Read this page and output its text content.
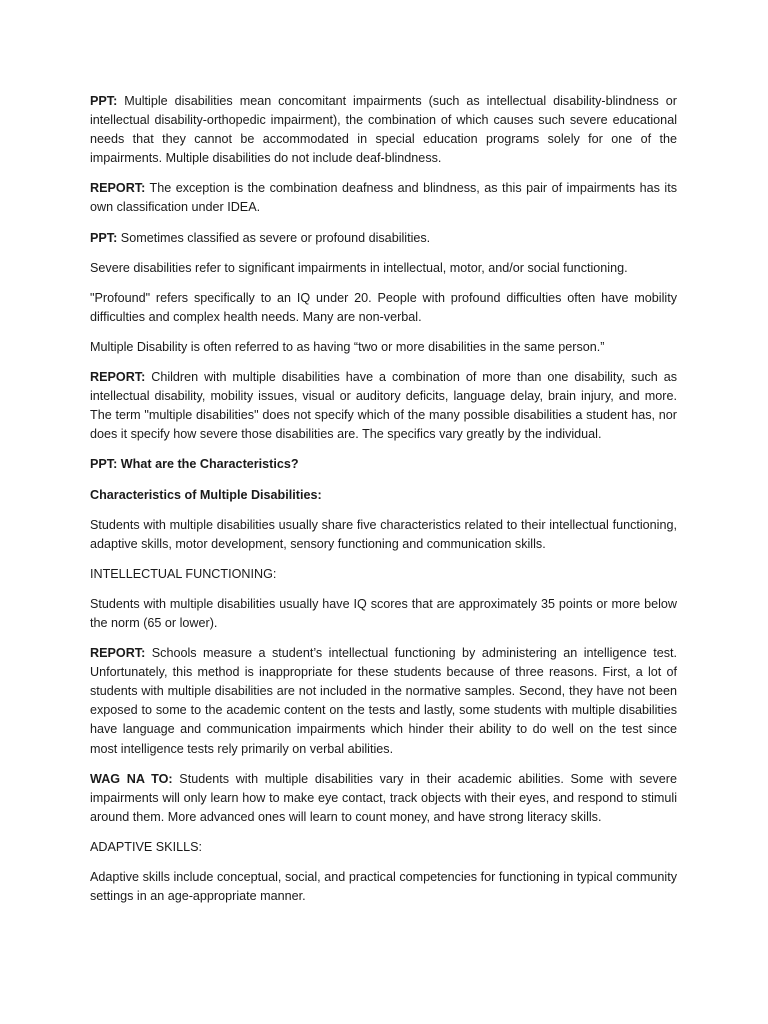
PPT: Multiple disabilities mean concomitant impairments (such as intellectual disability-blindness or intellectual disability-orthopedic impairment), the combination of which causes such severe educational needs that they cannot be accommodated in special education programs solely for one of the impairments. Multiple disabilities do not include deaf-blindness.

REPORT: The exception is the combination deafness and blindness, as this pair of impairments has its own classification under IDEA.

PPT: Sometimes classified as severe or profound disabilities.

Severe disabilities refer to significant impairments in intellectual, motor, and/or social functioning.

"Profound" refers specifically to an IQ under 20. People with profound difficulties often have mobility difficulties and complex health needs. Many are non-verbal.

Multiple Disability is often referred to as having “two or more disabilities in the same person.”

REPORT: Children with multiple disabilities have a combination of more than one disability, such as intellectual disability, mobility issues, visual or auditory deficits, language delay, brain injury, and more. The term "multiple disabilities" does not specify which of the many possible disabilities a student has, nor does it specify how severe those disabilities are. The specifics vary greatly by the individual.

PPT: What are the Characteristics?

Characteristics of Multiple Disabilities:

Students with multiple disabilities usually share five characteristics related to their intellectual functioning, adaptive skills, motor development, sensory functioning and communication skills.

INTELLECTUAL FUNCTIONING:

Students with multiple disabilities usually have IQ scores that are approximately 35 points or more below the norm (65 or lower).

REPORT: Schools measure a student’s intellectual functioning by administering an intelligence test. Unfortunately, this method is inappropriate for these students because of three reasons. First, a lot of students with multiple disabilities are not included in the normative samples. Second, they have not been exposed to some to the academic content on the tests and lastly, some students with multiple disabilities have language and communication impairments which hinder their ability to do well on the test since most intelligence tests rely primarily on verbal abilities.

WAG NA TO: Students with multiple disabilities vary in their academic abilities. Some with severe impairments will only learn how to make eye contact, track objects with their eyes, and respond to stimuli around them. More advanced ones will learn to count money, and have strong literacy skills.

ADAPTIVE SKILLS:

Adaptive skills include conceptual, social, and practical competencies for functioning in typical community settings in an age-appropriate manner.
